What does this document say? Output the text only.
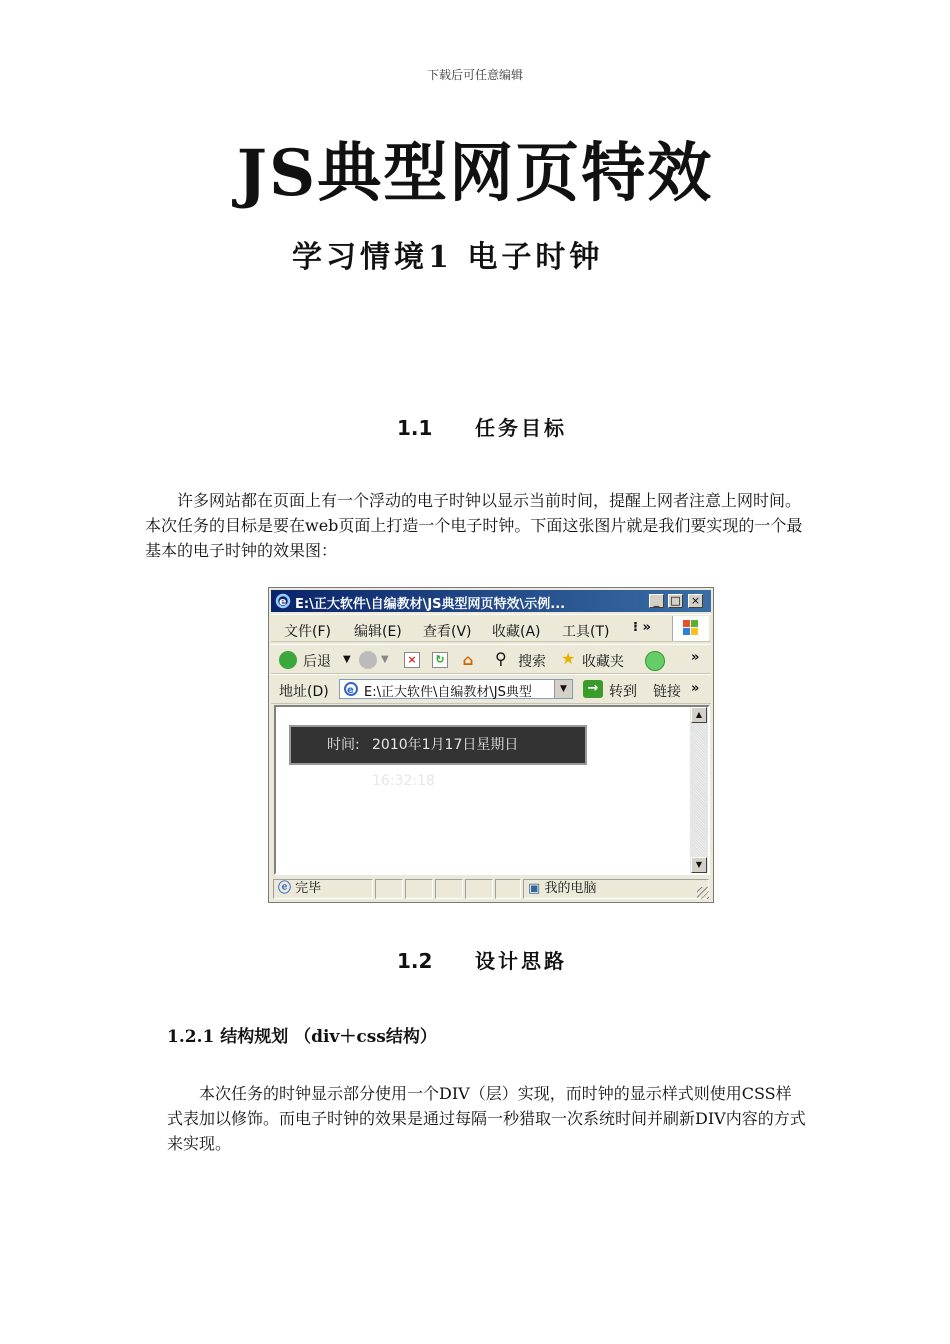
下载后可任意编辑
JS典型网页特效
学习情境1 电子时钟
1.1 任务目标
许多网站都在页面上有一个浮动的电子时钟以显示当前时间，提醒上网者注意上网时间。本次任务的目标是要在web页面上打造一个电子时钟。下面这张图片就是我们要实现的一个最基本的电子时钟的效果图：
e E:\正大软件\自编教材\JS典型网页特效\示例...	_	□ ×
文件(F) 编辑(E) 查看(V) 收藏(A) 工具(T) ⁝ »
后退 ▼	▼	×	↻ ⌂ ⚲ 搜索 ★ 收藏夹	»
地址(D) e E:\正大软件\自编教材\JS典型	▼	→ 转到 链接 »
时间: 2010年1月17日星期日 16:32:18
▲
▼
ⓔ 完毕	▣ 我的电脑
1.2 设计思路
1.2.1 结构规划 （div＋css结构）
本次任务的时钟显示部分使用一个DIV（层）实现，而时钟的显示样式则使用CSS样式表加以修饰。而电子时钟的效果是通过每隔一秒猎取一次系统时间并刷新DIV内容的方式来实现。
